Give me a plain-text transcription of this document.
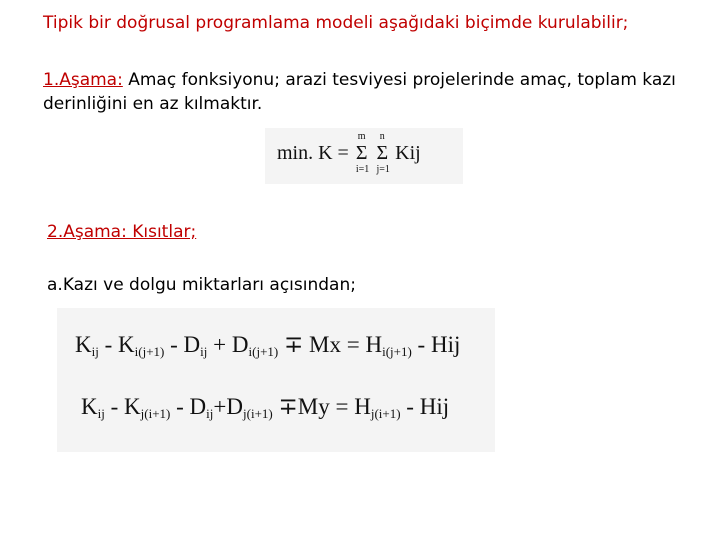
Tipik bir doğrusal programlama modeli aşağıdaki biçimde kurulabilir;
1.Aşama: Amaç fonksiyonu; arazi tesviyesi projelerinde amaç, toplam kazı derinliğini en az kılmaktır.
min. K =
m
Σ
i=1

n
Σ
j=1
Kij
2.Aşama: Kısıtlar;
a.Kazı ve dolgu miktarları açısından;
$K_{ij} - K_{i(j+1)} - D_{ij} + D_{i(j+1)} \mp Mx = H_{i(j+1)}$ - Hij
$K_{ij} - K_{j(i+1)} - D_{ij}+D_{j(i+1)} \mp My = H_{j(i+1)}$ - Hij
